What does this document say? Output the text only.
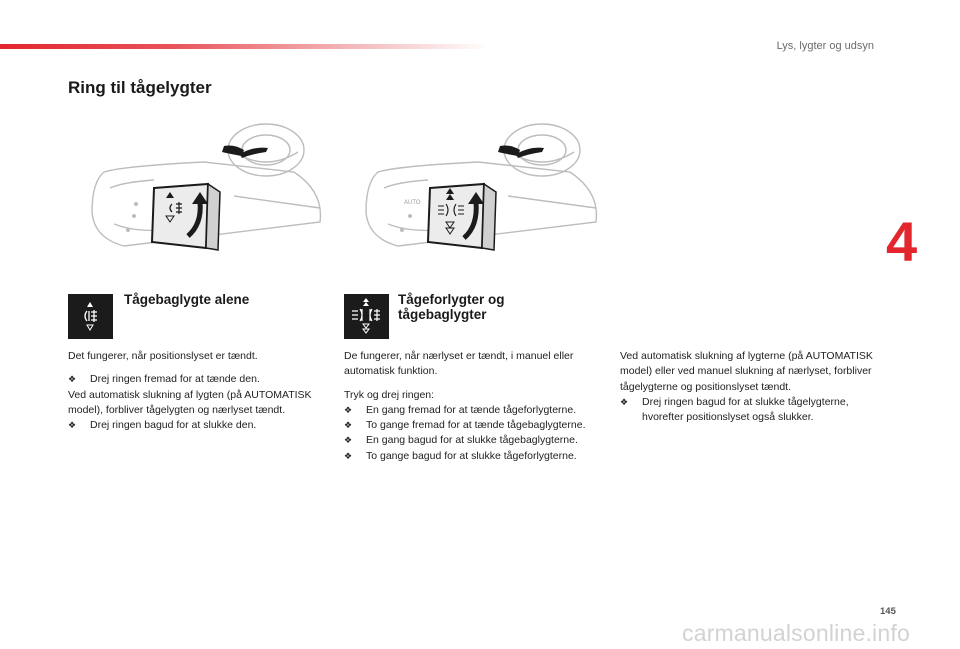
Lys, lygter og udsyn
4
Ring til tågelygter
AUTO
Tågebaglygte alene	Tågeforlygter og tågebaglygter

Det fungerer, når positionslyset er tændt.

❖ Drej ringen fremad for at tænde den.

Ved automatisk slukning af lygten (på AUTOMATISK model), forbliver tågelygten og nærlyset tændt.

❖ Drej ringen bagud for at slukke den.

De fungerer, når nærlyset er tændt, i manuel eller automatisk funktion.

Tryk og drej ringen:

❖ En gang fremad for at tænde tågeforlygterne.

❖ To gange fremad for at tænde tågebaglygterne.

❖ En gang bagud for at slukke tågebaglygterne.

❖ To gange bagud for at slukke tågeforlygterne.

Ved automatisk slukning af lygterne (på AUTOMATISK model) eller ved manuel slukning af nærlyset, forbliver tågelygterne og positionslyset tændt.

❖ Drej ringen bagud for at slukke tågelygterne, hvorefter positionslyset også slukker.

145
carmanualsonline.info
